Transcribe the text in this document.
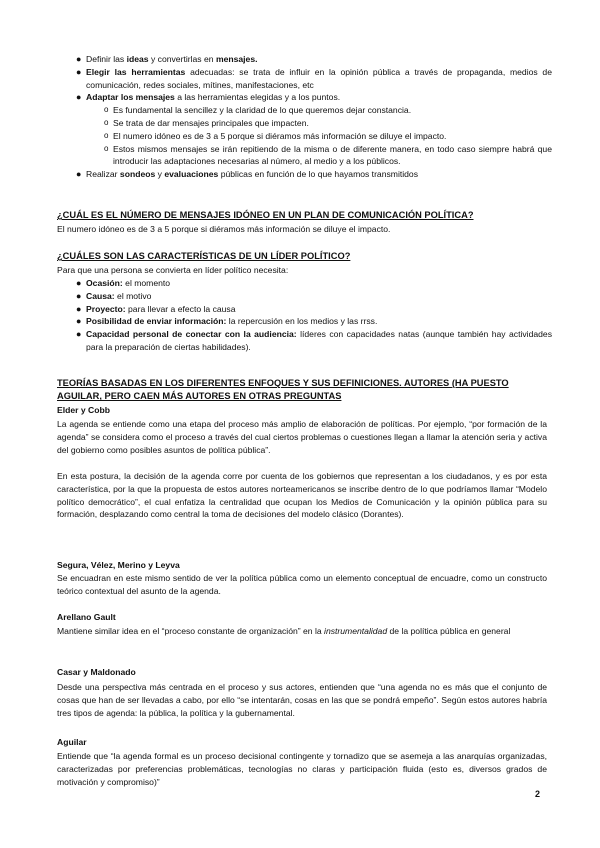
● Definir las ideas y convertirlas en mensajes.
● Elegir las herramientas adecuadas: se trata de influir en la opinión pública a través de propaganda, medios de comunicación, redes sociales, mítines, manifestaciones, etc
● Adaptar los mensajes a las herramientas elegidas y a los puntos.
o Es fundamental la sencillez y la claridad de lo que queremos dejar constancia.
o Se trata de dar mensajes principales que impacten.
o El numero idóneo es de 3 a 5 porque si diéramos más información se diluye el impacto.
o Estos mismos mensajes se irán repitiendo de la misma o de diferente manera, en todo caso siempre habrá que introducir las adaptaciones necesarias al número, al medio y a los públicos.
● Realizar sondeos y evaluaciones públicas en función de lo que hayamos transmitidos
¿CUÁL ES EL NÚMERO DE MENSAJES IDÓNEO EN UN PLAN DE COMUNICACIÓN POLÍTICA?
El numero idóneo es de 3 a 5 porque si diéramos más información se diluye el impacto.
¿CUÁLES SON LAS CARACTERÍSTICAS DE UN LÍDER POLÍTICO?
Para que una persona se convierta en líder político necesita:
● Ocasión: el momento
● Causa: el motivo
● Proyecto: para llevar a efecto la causa
● Posibilidad de enviar información: la repercusión en los medios y las rrss.
● Capacidad personal de conectar con la audiencia: líderes con capacidades natas (aunque también hay actividades para la preparación de ciertas habilidades).
TEORÍAS BASADAS EN LOS DIFERENTES ENFOQUES Y SUS DEFINICIONES. AUTORES (HA PUESTO AGUILAR, PERO CAEN MÁS AUTORES EN OTRAS PREGUNTAS
Elder y Cobb
La agenda se entiende como una etapa del proceso más amplio de elaboración de políticas. Por ejemplo, “por formación de la agenda” se considera como el proceso a través del cual ciertos problemas o cuestiones llegan a llamar la atención seria y activa del gobierno como posibles asuntos de política pública”.
En esta postura, la decisión de la agenda corre por cuenta de los gobiernos que representan a los ciudadanos, y es por esta característica, por la que la propuesta de estos autores norteamericanos se inscribe dentro de lo que podríamos llamar “Modelo político democrático”, el cual enfatiza la centralidad que ocupan los Medios de Comunicación y la opinión pública para su formación, desplazando como central la toma de decisiones del modelo clásico (Dorantes).
Segura, Vélez, Merino y Leyva
Se encuadran en este mismo sentido de ver la política pública como un elemento conceptual de encuadre, como un constructo teórico contextual del asunto de la agenda.
Arellano Gault
Mantiene similar idea en el “proceso constante de organización” en la instrumentalidad de la política pública en general
Casar y Maldonado
Desde una perspectiva más centrada en el proceso y sus actores, entienden que “una agenda no es más que el conjunto de cosas que han de ser llevadas a cabo, por ello “se intentarán, cosas en las que se pondrá empeño”. Según estos autores habría tres tipos de agenda: la pública, la política y la gubernamental.
Aguilar
Entiende que “la agenda formal es un proceso decisional contingente y tornadizo que se asemeja a las anarquías organizadas, caracterizadas por preferencias problemáticas, tecnologías no claras y participación fluida (esto es, diversos grados de motivación y compromiso)”
2
